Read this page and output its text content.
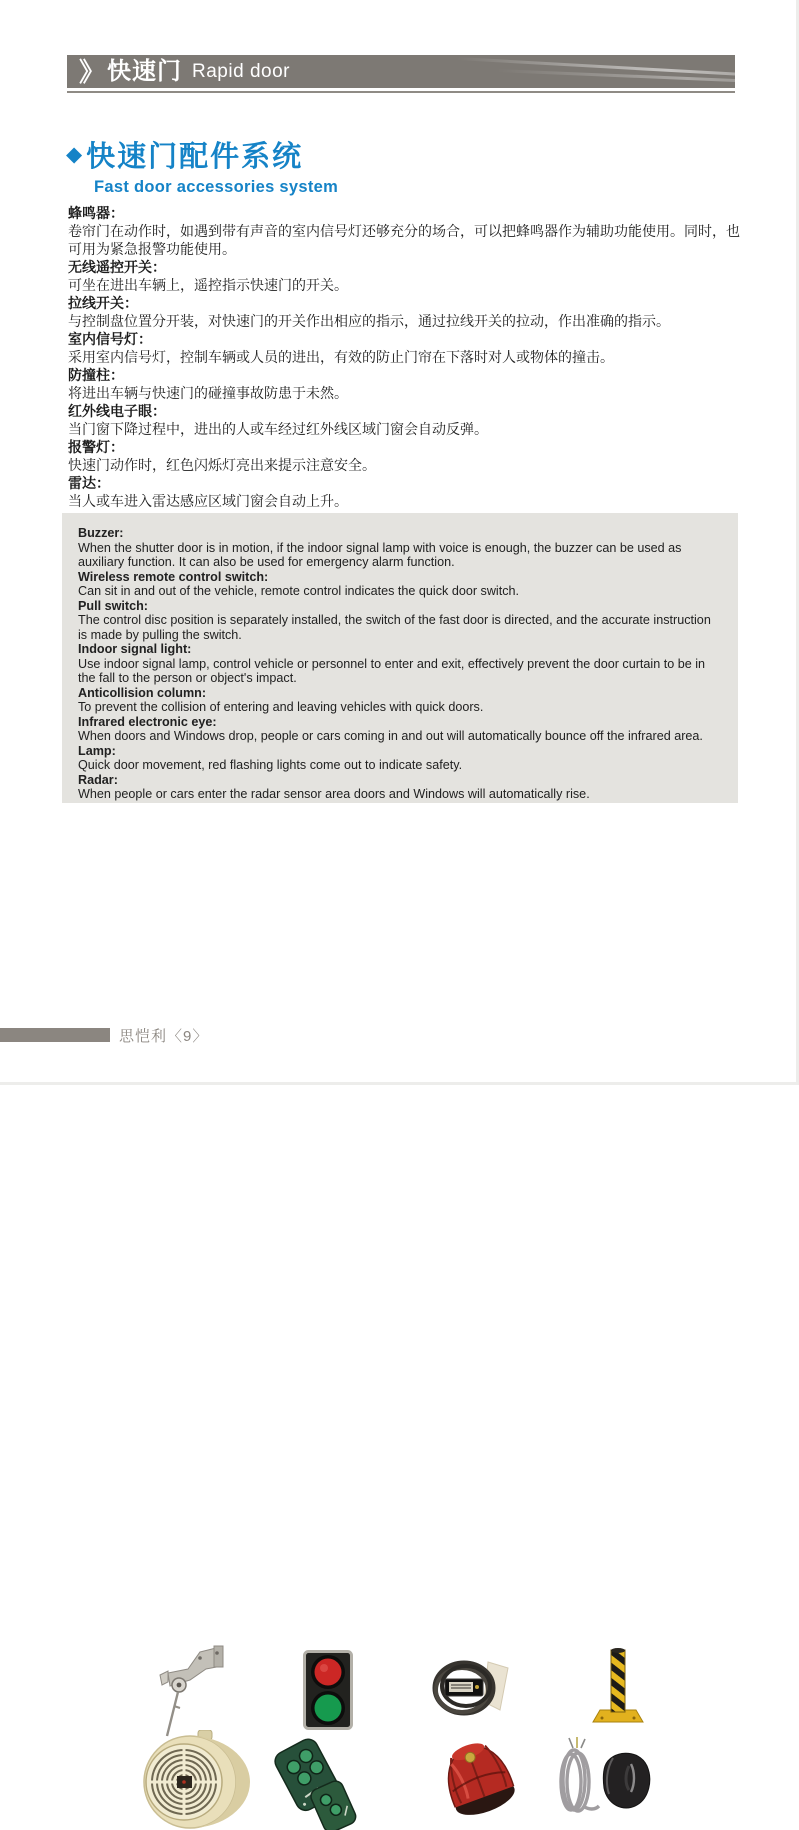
》 快速门 Rapid door
◆ 快速门配件系统
Fast door accessories system
蜂鸣器：
卷帘门在动作时，如遇到带有声音的室内信号灯还够充分的场合，可以把蜂鸣器作为辅助功能使用。同时，也可用为紧急报警功能使用。
无线遥控开关：
可坐在进出车辆上，遥控指示快速门的开关。
拉线开关：
与控制盘位置分开装，对快速门的开关作出相应的指示，通过拉线开关的拉动，作出准确的指示。
室内信号灯：
采用室内信号灯，控制车辆或人员的进出，有效的防止门帘在下落时对人或物体的撞击。
防撞柱：
将进出车辆与快速门的碰撞事故防患于未然。
红外线电子眼：
当门窗下降过程中，进出的人或车经过红外线区域门窗会自动反弹。
报警灯：
快速门动作时，红色闪烁灯亮出来提示注意安全。
雷达：
当人或车进入雷达感应区域门窗会自动上升。
Buzzer:
When the shutter door is in motion, if the indoor signal lamp with voice is enough, the buzzer can be used as auxiliary function. It can also be used for emergency alarm function.
Wireless remote control switch:
Can sit in and out of the vehicle, remote control indicates the quick door switch.
Pull switch:
The control disc position is separately installed, the switch of the fast door is directed, and the accurate instruction is made by pulling the switch.
Indoor signal light:
Use indoor signal lamp, control vehicle or personnel to enter and exit, effectively prevent the door curtain to be in the fall to the person or object's impact.
Anticollision column:
To prevent the collision of entering and leaving vehicles with quick doors.
Infrared electronic eye:
When doors and Windows drop, people or cars coming in and out will automatically bounce off the infrared area.
Lamp:
Quick door movement, red flashing lights come out to indicate safety.
Radar:
When people or cars enter the radar sensor area doors and Windows will automatically rise.
思恺利〈9〉
